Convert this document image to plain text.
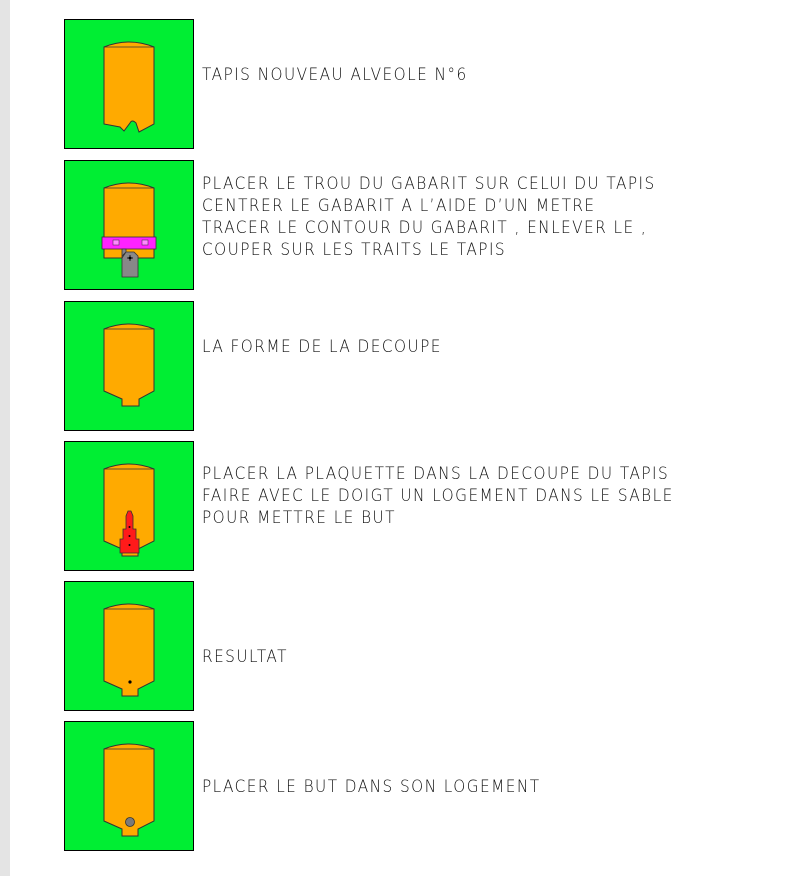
TAPIS NOUVEAU ALVEOLE N°6
PLACER LE TROU DU GABARIT SUR CELUI DU TAPIS
CENTRER LE GABARIT A L’AIDE D’UN METRE
TRACER LE CONTOUR DU GABARIT , ENLEVER LE ,
COUPER SUR LES TRAITS LE TAPIS
LA FORME DE LA DECOUPE
PLACER LA PLAQUETTE DANS LA DECOUPE DU TAPIS
FAIRE AVEC LE DOIGT UN LOGEMENT DANS LE SABLE
POUR METTRE LE BUT
RESULTAT
PLACER LE BUT DANS SON LOGEMENT
